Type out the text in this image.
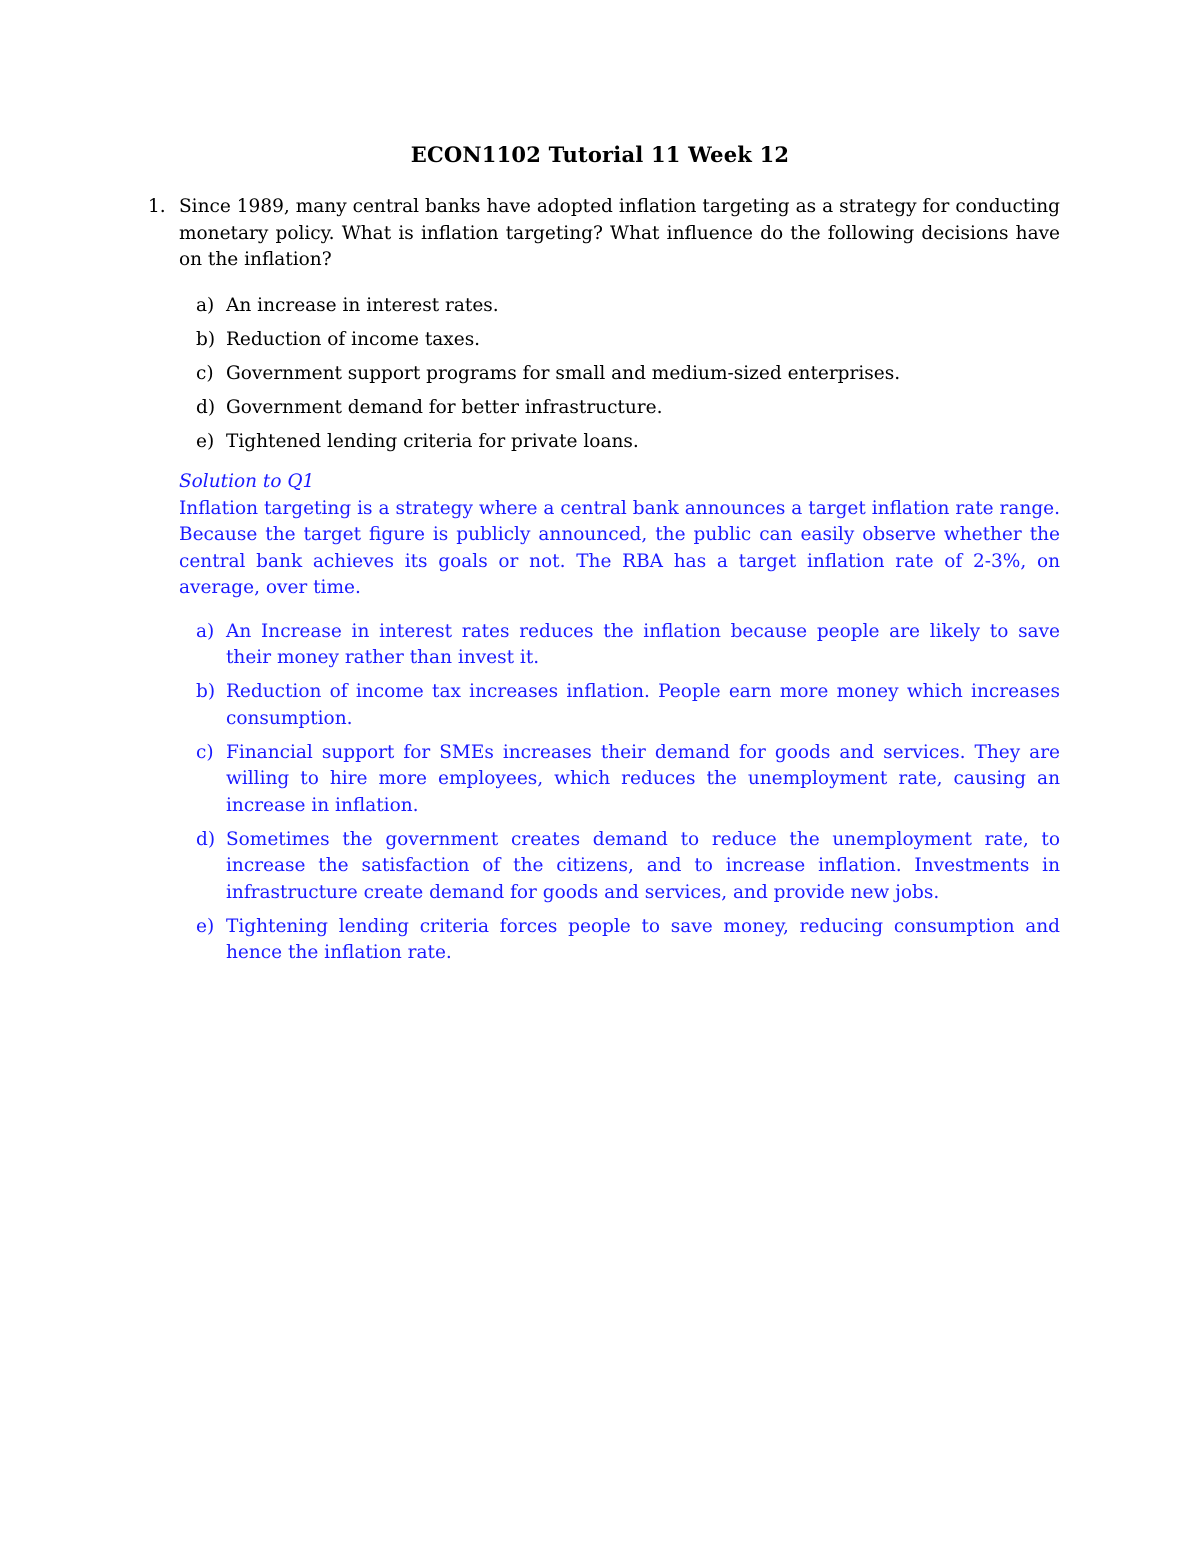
ECON1102 Tutorial 11 Week 12
1. Since 1989, many central banks have adopted inflation targeting as a strategy for conducting monetary policy. What is inflation targeting? What influence do the following decisions have on the inflation?
a) An increase in interest rates.
b) Reduction of income taxes.
c) Government support programs for small and medium-sized enterprises.
d) Government demand for better infrastructure.
e) Tightened lending criteria for private loans.
Solution to Q1
Inflation targeting is a strategy where a central bank announces a target inflation rate range. Because the target figure is publicly announced, the public can easily observe whether the central bank achieves its goals or not. The RBA has a target inflation rate of 2-3%, on average, over time.
a) An Increase in interest rates reduces the inflation because people are likely to save their money rather than invest it.
b) Reduction of income tax increases inflation. People earn more money which increases consumption.
c) Financial support for SMEs increases their demand for goods and services. They are willing to hire more employees, which reduces the unemployment rate, causing an increase in inflation.
d) Sometimes the government creates demand to reduce the unemployment rate, to increase the satisfaction of the citizens, and to increase inflation. Investments in infrastructure create demand for goods and services, and provide new jobs.
e) Tightening lending criteria forces people to save money, reducing consumption and hence the inflation rate.
